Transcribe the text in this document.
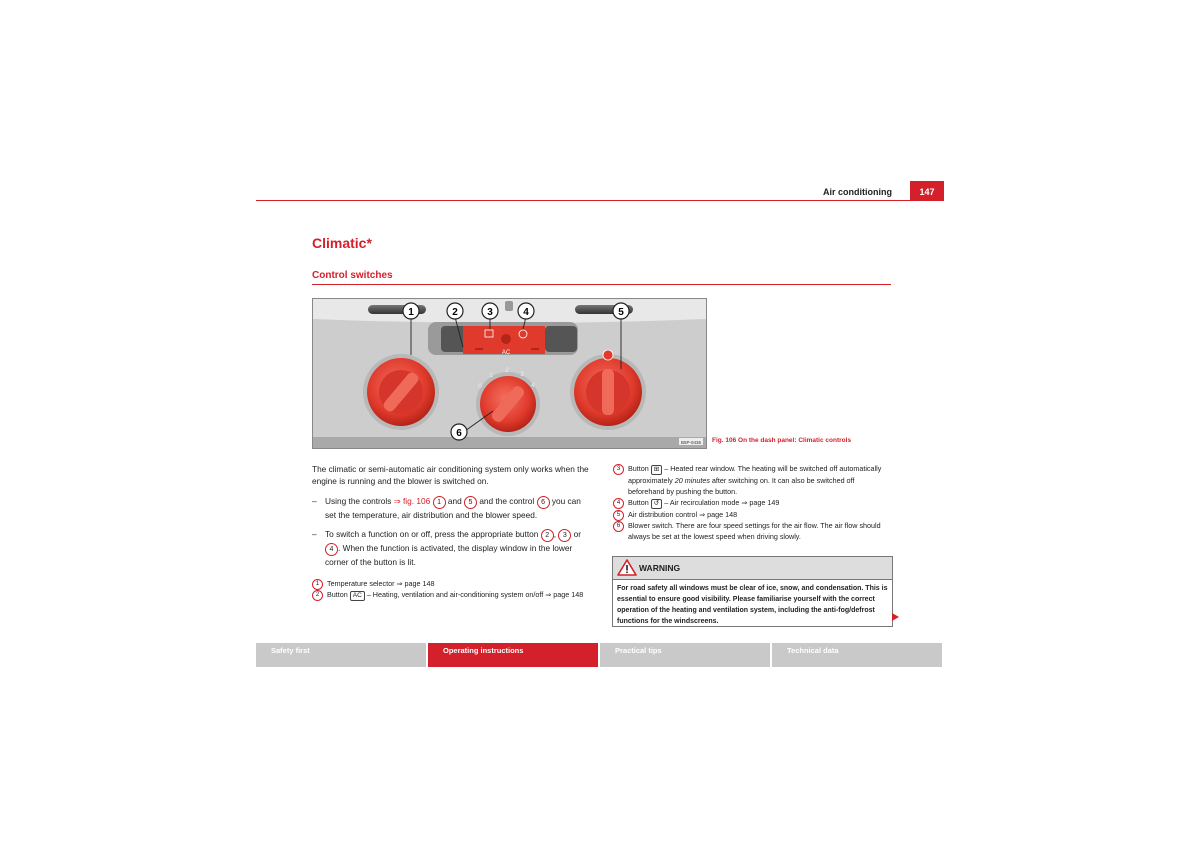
Air conditioning	147
Climatic*
Control switches
AC
0
1
2
3
4
1	2	3	4	5
6
B5P-0436 Fig. 106 On the dash panel: Climatic controls
The climatic or semi-automatic air conditioning system only works when the engine is running and the blower is switched on.
– Using the controls ⇒ fig. 106 1 and 5 and the control 6 you can set the temperature, air distribution and the blower speed.
– To switch a function on or off, press the appropriate button 2 , 3 or 4 . When the function is activated, the display window in the lower corner of the button is lit.
1	Temperature selector ⇒ page 148
2	Button AC – Heating, ventilation and air-conditioning system on/off ⇒ page 148
3	Button ⊞ – Heated rear window. The heating will be switched off automatically approximately 20 minutes after switching on. It can also be switched off beforehand by pushing the button.
4	Button ↺ – Air recirculation mode ⇒ page 149
5	Air distribution control ⇒ page 148
6	Blower switch. There are four speed settings for the air flow. The air flow should always be set at the lowest speed when driving slowly.
WARNING
For road safety all windows must be clear of ice, snow, and condensation. This is essential to ensure good visibility. Please familiarise yourself with the correct operation of the heating and ventilation system, including the anti-fog/defrost functions for the windscreens.
Safety first	Operating instructions	Practical tips	Technical data
